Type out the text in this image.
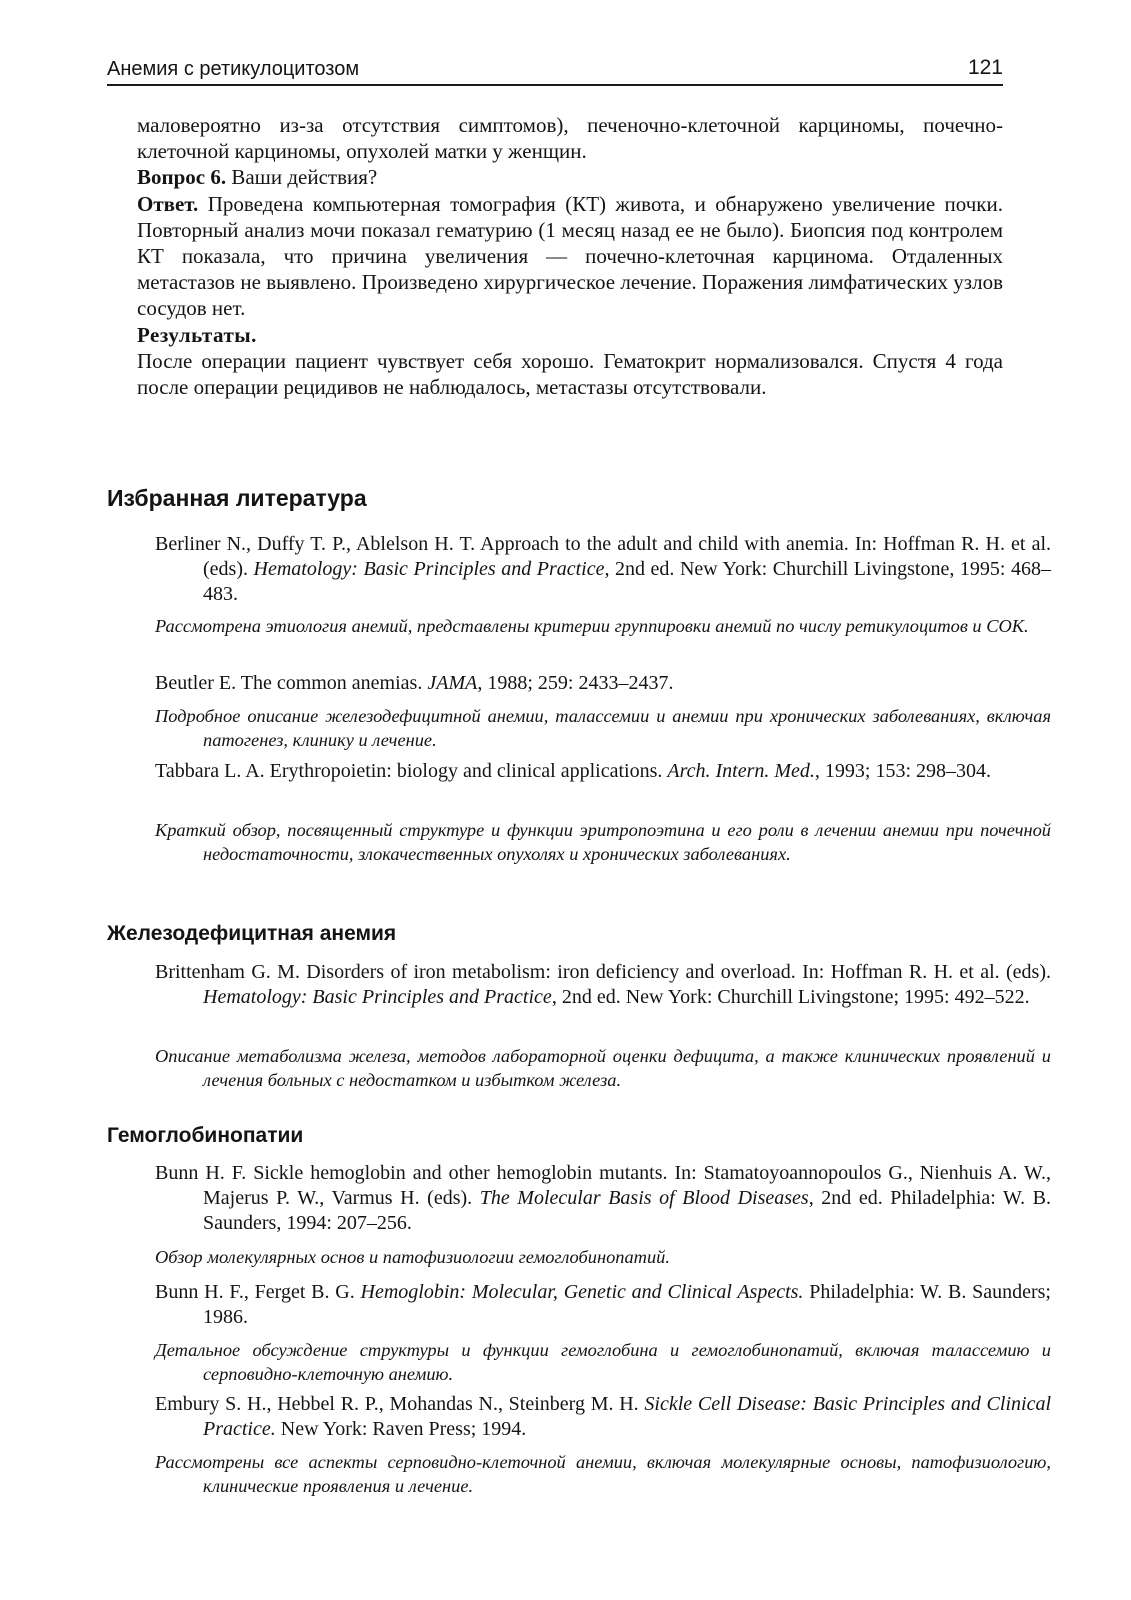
Анемия с ретикулоцитозом	121

маловероятно из-за отсутствия симптомов), печеночно-клеточной карциномы, почечно-клеточной карциномы, опухолей матки у женщин.

Вопрос 6. Ваши действия?

Ответ. Проведена компьютерная томография (КТ) живота, и обнаружено увеличение почки. Повторный анализ мочи показал гематурию (1 месяц назад ее не было). Биопсия под контролем КТ показала, что причина увеличения — почечно-клеточная карцинома. Отдаленных метастазов не выявлено. Произведено хирургическое лечение. Поражения лимфатических узлов сосудов нет.

Результаты.

После операции пациент чувствует себя хорошо. Гематокрит нормализовался. Спустя 4 года после операции рецидивов не наблюдалось, метастазы отсутствовали.

Избранная литература

Berliner N., Duffy T. P., Ablelson H. T. Approach to the adult and child with anemia. In: Hoffman R. H. et al. (eds). Hematology: Basic Principles and Practice, 2nd ed. New York: Churchill Livingstone, 1995: 468–483.

Рассмотрена этиология анемий, представлены критерии группировки анемий по числу ретикулоцитов и СОК.

Beutler E. The common anemias. JAMA, 1988; 259: 2433–2437.

Подробное описание железодефицитной анемии, талассемии и анемии при хронических заболеваниях, включая патогенез, клинику и лечение.

Tabbara L. A. Erythropoietin: biology and clinical applications. Arch. Intern. Med., 1993; 153: 298–304.

Краткий обзор, посвященный структуре и функции эритропоэтина и его роли в лечении анемии при почечной недостаточности, злокачественных опухолях и хронических заболеваниях.

Железодефицитная анемия

Brittenham G. M. Disorders of iron metabolism: iron deficiency and overload. In: Hoffman R. H. et al. (eds). Hematology: Basic Principles and Practice, 2nd ed. New York: Churchill Livingstone; 1995: 492–522.

Описание метаболизма железа, методов лабораторной оценки дефицита, а также клинических проявлений и лечения больных с недостатком и избытком железа.

Гемоглобинопатии

Bunn H. F. Sickle hemoglobin and other hemoglobin mutants. In: Stamatoyoannopoulos G., Nienhuis A. W., Majerus P. W., Varmus H. (eds). The Molecular Basis of Blood Diseases, 2nd ed. Philadelphia: W. B. Saunders, 1994: 207–256.

Обзор молекулярных основ и патофизиологии гемоглобинопатий.

Bunn H. F., Ferget B. G. Hemoglobin: Molecular, Genetic and Clinical Aspects. Philadelphia: W. B. Saunders; 1986.

Детальное обсуждение структуры и функции гемоглобина и гемоглобинопатий, включая талассемию и серповидно-клеточную анемию.

Embury S. H., Hebbel R. P., Mohandas N., Steinberg M. H. Sickle Cell Disease: Basic Principles and Clinical Practice. New York: Raven Press; 1994.

Рассмотрены все аспекты серповидно-клеточной анемии, включая молекулярные основы, патофизиологию, клинические проявления и лечение.
